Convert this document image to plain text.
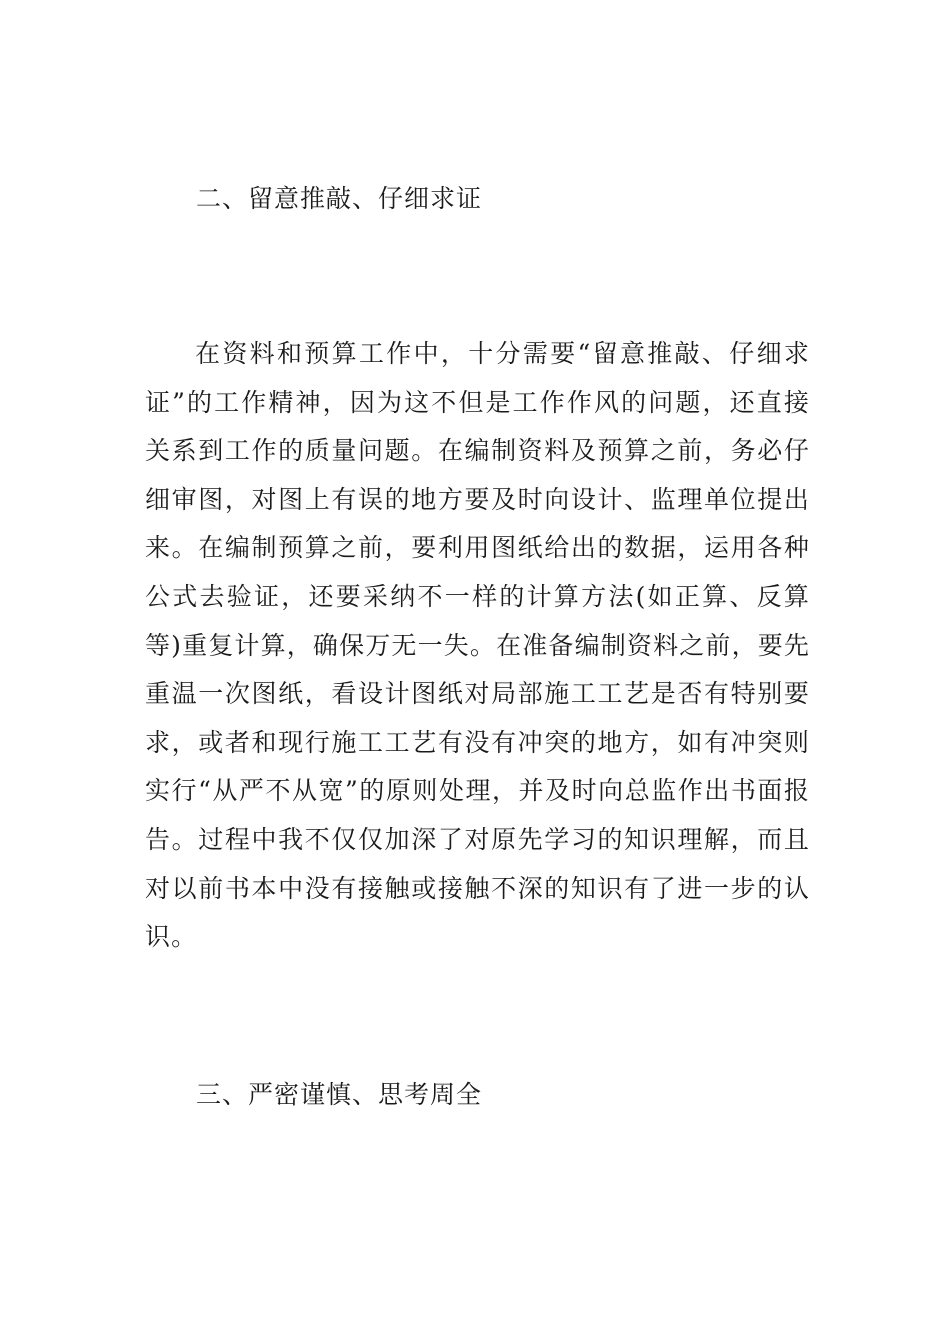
二、留意推敲、仔细求证

在资料和预算工作中，十分需要“留意推敲、仔细求证”的工作精神，因为这不但是工作作风的问题，还直接关系到工作的质量问题。在编制资料及预算之前，务必仔细审图，对图上有误的地方要及时向设计、监理单位提出来。在编制预算之前，要利用图纸给出的数据，运用各种公式去验证，还要采纳不一样的计算方法(如正算、反算等)重复计算，确保万无一失。在准备编制资料之前，要先重温一次图纸，看设计图纸对局部施工工艺是否有特别要求，或者和现行施工工艺有没有冲突的地方，如有冲突则实行“从严不从宽”的原则处理，并及时向总监作出书面报告。过程中我不仅仅加深了对原先学习的知识理解，而且对以前书本中没有接触或接触不深的知识有了进一步的认识。

三、严密谨慎、思考周全
